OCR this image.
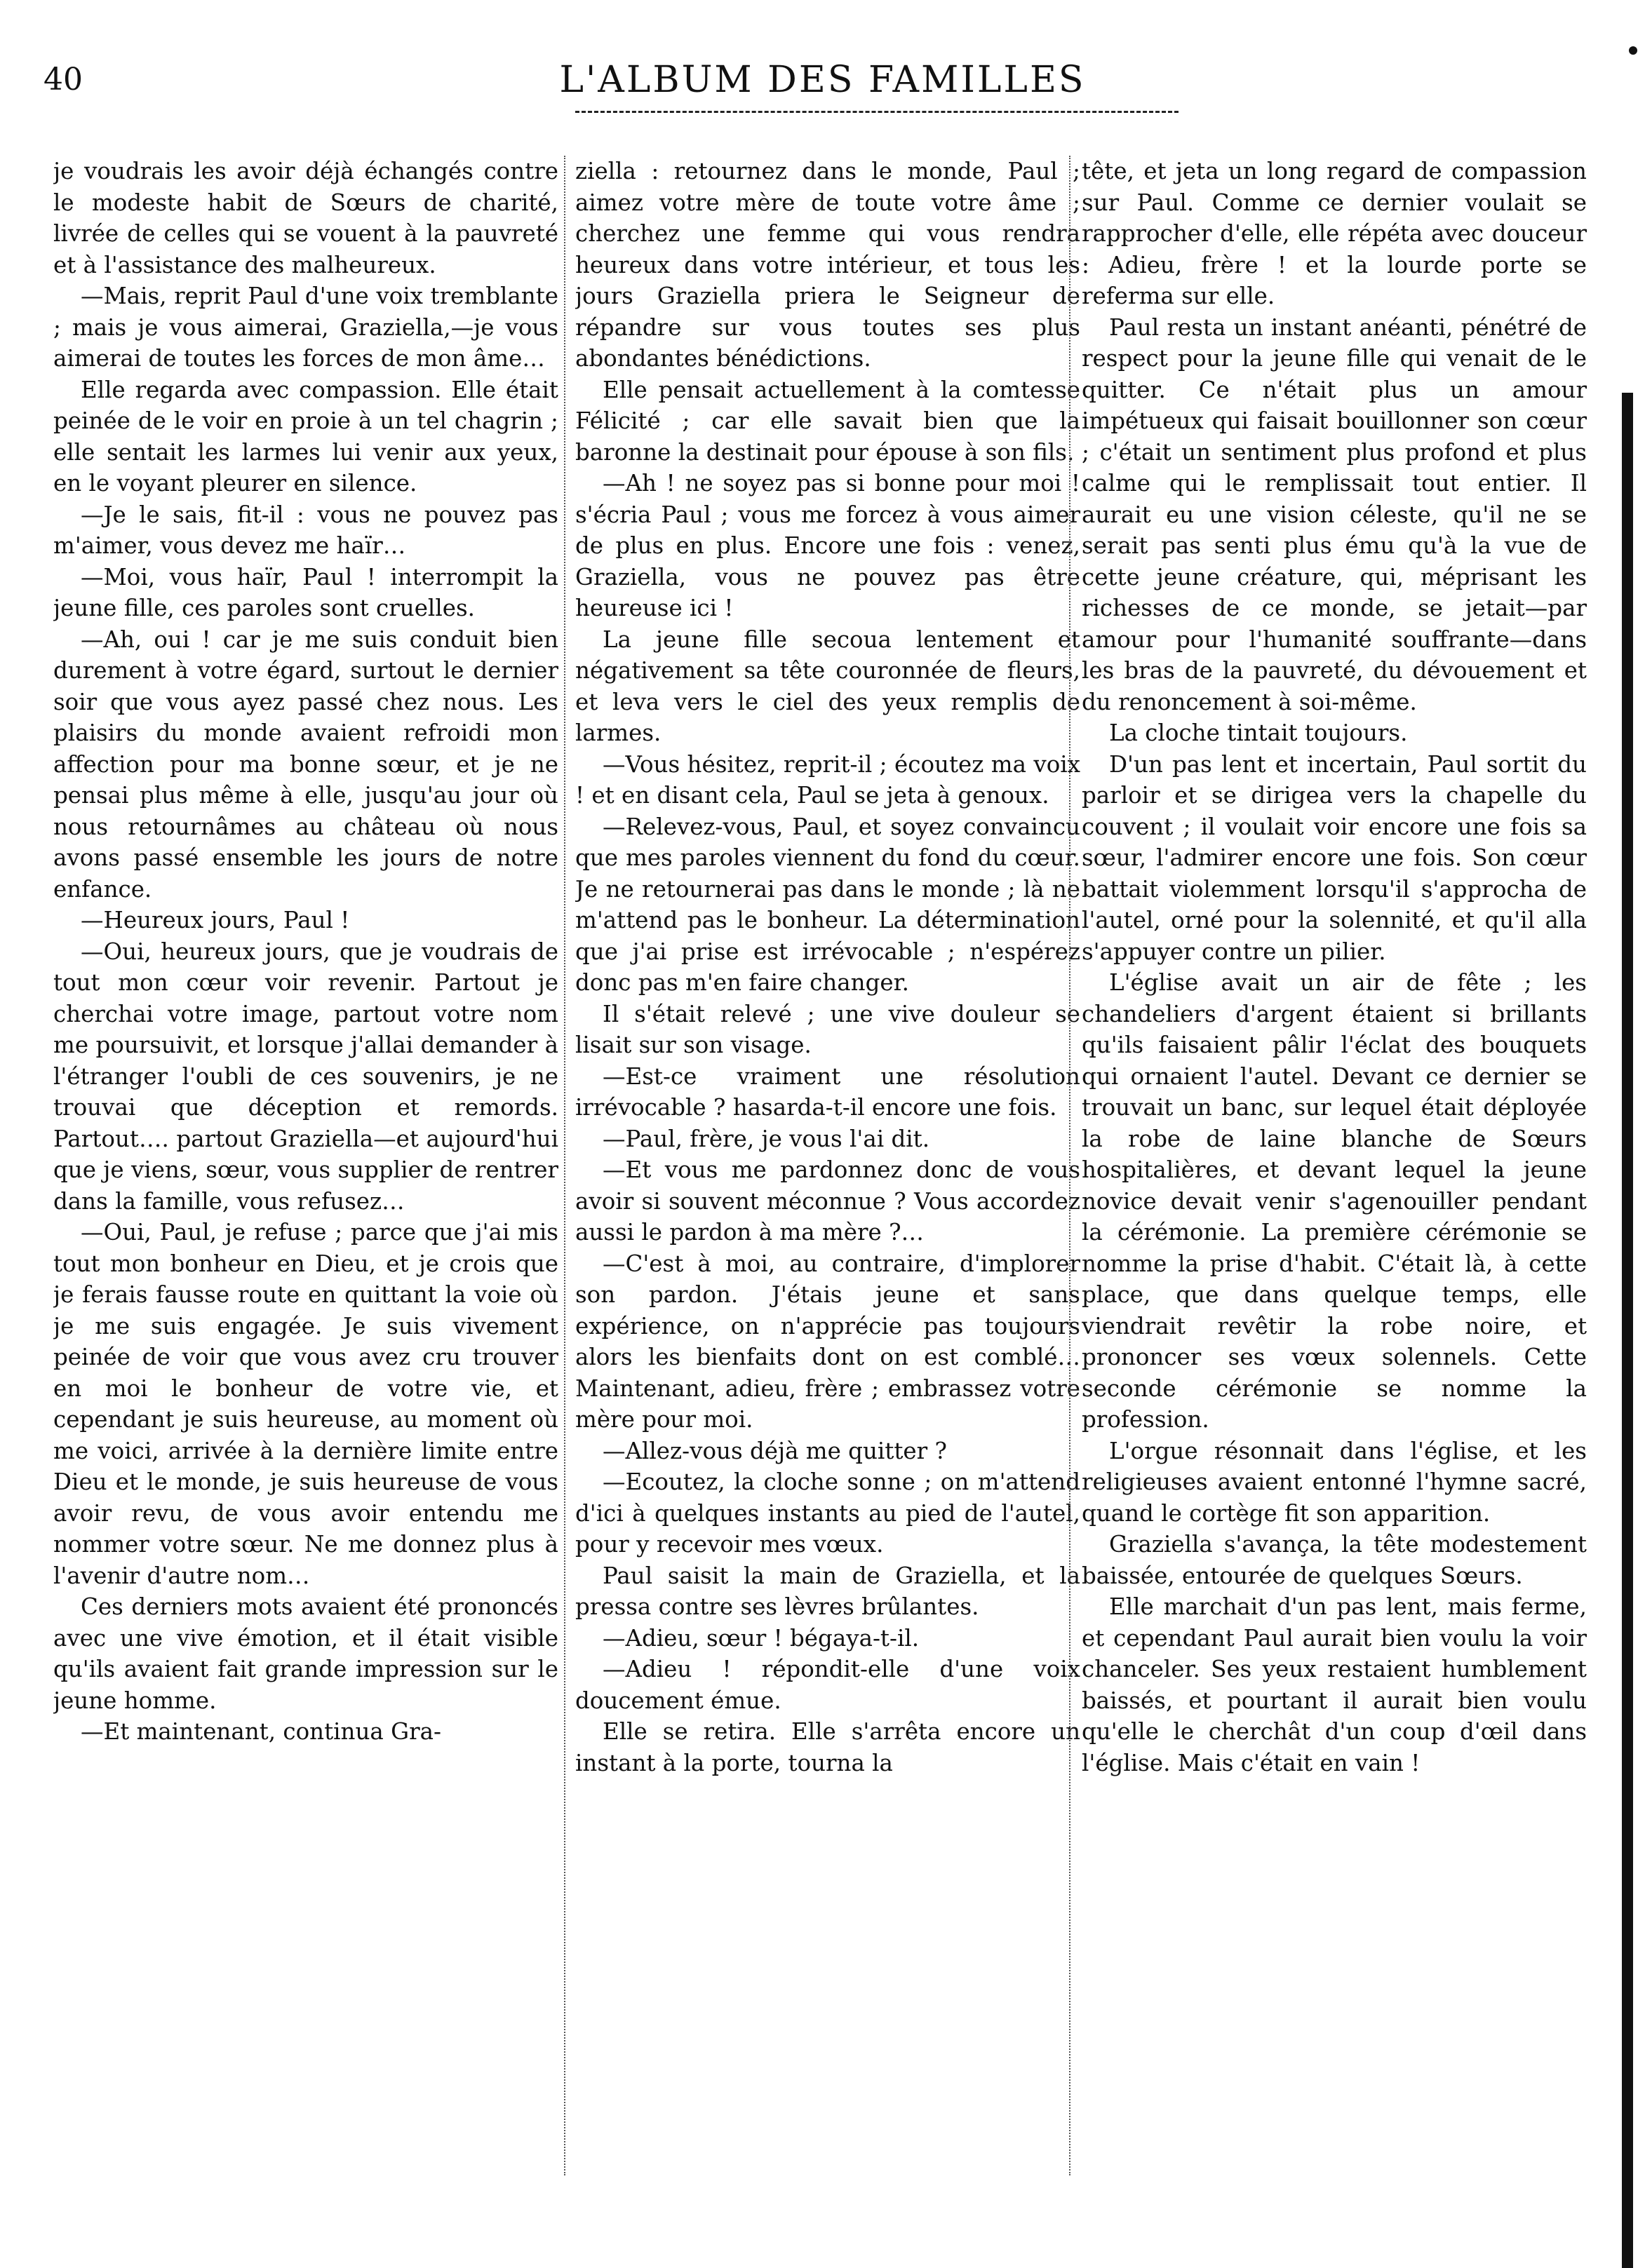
40	L'ALBUM DES FAMILLES

je voudrais les avoir déjà échangés contre le modeste habit de Sœurs de charité, livrée de celles qui se vouent à la pauvreté et à l'assistance des malheureux.

—Mais, reprit Paul d'une voix tremblante ; mais je vous aimerai, Graziella,—je vous aimerai de toutes les forces de mon âme…

Elle regarda avec compassion. Elle était peinée de le voir en proie à un tel chagrin ; elle sentait les larmes lui venir aux yeux, en le voyant pleurer en silence.

—Je le sais, fit-il : vous ne pouvez pas m'aimer, vous devez me haïr…

—Moi, vous haïr, Paul ! interrompit la jeune fille, ces paroles sont cruelles.

—Ah, oui ! car je me suis conduit bien durement à votre égard, surtout le dernier soir que vous ayez passé chez nous. Les plaisirs du monde avaient refroidi mon affection pour ma bonne sœur, et je ne pensai plus même à elle, jusqu'au jour où nous retournâmes au château où nous avons passé ensemble les jours de notre enfance.

—Heureux jours, Paul !

—Oui, heureux jours, que je voudrais de tout mon cœur voir revenir. Partout je cherchai votre image, partout votre nom me poursuivit, et lorsque j'allai demander à l'étranger l'oubli de ces souvenirs, je ne trouvai que déception et remords. Partout…. partout Graziella—et aujourd'hui que je viens, sœur, vous supplier de rentrer dans la famille, vous refusez…

—Oui, Paul, je refuse ; parce que j'ai mis tout mon bonheur en Dieu, et je crois que je ferais fausse route en quittant la voie où je me suis engagée. Je suis vivement peinée de voir que vous avez cru trouver en moi le bonheur de votre vie, et cependant je suis heureuse, au moment où me voici, arrivée à la dernière limite entre Dieu et le monde, je suis heureuse de vous avoir revu, de vous avoir entendu me nommer votre sœur. Ne me donnez plus à l'avenir d'autre nom…

Ces derniers mots avaient été prononcés avec une vive émotion, et il était visible qu'ils avaient fait grande impression sur le jeune homme.

—Et maintenant, continua Gra-

ziella : retournez dans le monde, Paul ; aimez votre mère de toute votre âme ; cherchez une femme qui vous rendra heureux dans votre intérieur, et tous les jours Graziella priera le Seigneur de répandre sur vous toutes ses plus abondantes bénédictions.

Elle pensait actuellement à la comtesse Félicité ; car elle savait bien que la baronne la destinait pour épouse à son fils.

—Ah ! ne soyez pas si bonne pour moi ! s'écria Paul ; vous me forcez à vous aimer de plus en plus. Encore une fois : venez, Graziella, vous ne pouvez pas être heureuse ici !

La jeune fille secoua lentement et négativement sa tête couronnée de fleurs, et leva vers le ciel des yeux remplis de larmes.

—Vous hésitez, reprit-il ; écoutez ma voix ! et en disant cela, Paul se jeta à genoux.

—Relevez-vous, Paul, et soyez convaincu que mes paroles viennent du fond du cœur. Je ne retournerai pas dans le monde ; là ne m'attend pas le bonheur. La détermination que j'ai prise est irrévocable ; n'espérez donc pas m'en faire changer.

Il s'était relevé ; une vive douleur se lisait sur son visage.

—Est-ce vraiment une résolution irrévocable ? hasarda-t-il encore une fois.

—Paul, frère, je vous l'ai dit.

—Et vous me pardonnez donc de vous avoir si souvent méconnue ? Vous accordez aussi le pardon à ma mère ?…

—C'est à moi, au contraire, d'implorer son pardon. J'étais jeune et sans expérience, on n'apprécie pas toujours alors les bienfaits dont on est comblé… Maintenant, adieu, frère ; embrassez votre mère pour moi.

—Allez-vous déjà me quitter ?

—Ecoutez, la cloche sonne ; on m'attend d'ici à quelques instants au pied de l'autel, pour y recevoir mes vœux.

Paul saisit la main de Graziella, et la pressa contre ses lèvres brûlantes.

—Adieu, sœur ! bégaya-t-il.

—Adieu ! répondit-elle d'une voix doucement émue.

Elle se retira. Elle s'arrêta encore un instant à la porte, tourna la

tête, et jeta un long regard de compassion sur Paul. Comme ce dernier voulait se rapprocher d'elle, elle répéta avec douceur : Adieu, frère ! et la lourde porte se referma sur elle.

Paul resta un instant anéanti, pénétré de respect pour la jeune fille qui venait de le quitter. Ce n'était plus un amour impétueux qui faisait bouillonner son cœur ; c'était un sentiment plus profond et plus calme qui le remplissait tout entier. Il aurait eu une vision céleste, qu'il ne se serait pas senti plus ému qu'à la vue de cette jeune créature, qui, méprisant les richesses de ce monde, se jetait—par amour pour l'humanité souffrante—dans les bras de la pauvreté, du dévouement et du renoncement à soi-même.

La cloche tintait toujours.

D'un pas lent et incertain, Paul sortit du parloir et se dirigea vers la chapelle du couvent ; il voulait voir encore une fois sa sœur, l'admirer encore une fois. Son cœur battait violemment lorsqu'il s'approcha de l'autel, orné pour la solennité, et qu'il alla s'appuyer contre un pilier.

L'église avait un air de fête ; les chandeliers d'argent étaient si brillants qu'ils faisaient pâlir l'éclat des bouquets qui ornaient l'autel. Devant ce dernier se trouvait un banc, sur lequel était déployée la robe de laine blanche de Sœurs hospitalières, et devant lequel la jeune novice devait venir s'agenouiller pendant la cérémonie. La première cérémonie se nomme la prise d'habit. C'était là, à cette place, que dans quelque temps, elle viendrait revêtir la robe noire, et prononcer ses vœux solennels. Cette seconde cérémonie se nomme la profession.

L'orgue résonnait dans l'église, et les religieuses avaient entonné l'hymne sacré, quand le cortège fit son apparition.

Graziella s'avança, la tête modestement baissée, entourée de quelques Sœurs.

Elle marchait d'un pas lent, mais ferme, et cependant Paul aurait bien voulu la voir chanceler. Ses yeux restaient humblement baissés, et pourtant il aurait bien voulu qu'elle le cherchât d'un coup d'œil dans l'église. Mais c'était en vain !
